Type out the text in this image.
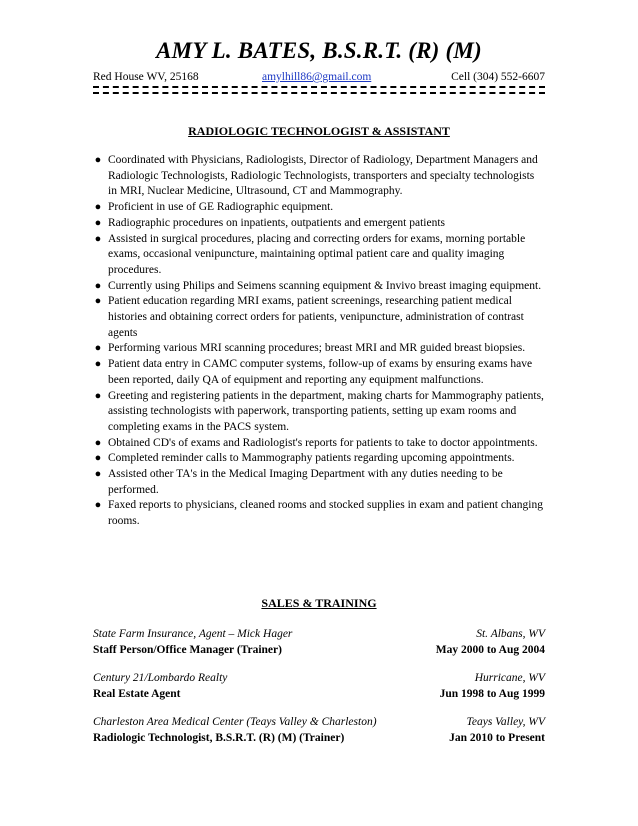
AMY L. BATES, B.S.R.T. (R) (M)
Red House WV, 25168	amylhill86@gmail.com	Cell (304) 552-6607
RADIOLOGIC TECHNOLOGIST & ASSISTANT
● Coordinated with Physicians, Radiologists, Director of Radiology, Department Managers and Radiologic Technologists, Radiologic Technologists, transporters and specialty technologists in MRI, Nuclear Medicine, Ultrasound, CT and Mammography.
● Proficient in use of GE Radiographic equipment.
● Radiographic procedures on inpatients, outpatients and emergent patients
● Assisted in surgical procedures, placing and correcting orders for exams, morning portable exams, occasional venipuncture, maintaining optimal patient care and quality imaging procedures.
● Currently using Philips and Seimens scanning equipment & Invivo breast imaging equipment.
● Patient education regarding MRI exams, patient screenings, researching patient medical histories and obtaining correct orders for patients, venipuncture, administration of contrast agents
● Performing various MRI scanning procedures; breast MRI and MR guided breast biopsies.
● Patient data entry in CAMC computer systems, follow-up of exams by ensuring exams have been reported, daily QA of equipment and reporting any equipment malfunctions.
● Greeting and registering patients in the department, making charts for Mammography patients, assisting technologists with paperwork, transporting patients, setting up exam rooms and completing exams in the PACS system.
● Obtained CD's of exams and Radiologist's reports for patients to take to doctor appointments.
● Completed reminder calls to Mammography patients regarding upcoming appointments.
● Assisted other TA's in the Medical Imaging Department with any duties needing to be performed.
● Faxed reports to physicians, cleaned rooms and stocked supplies in exam and patient changing rooms.
SALES & TRAINING
State Farm Insurance, Agent – Mick Hager	St. Albans, WV
Staff Person/Office Manager (Trainer)	May 2000 to Aug 2004
Century 21/Lombardo Realty	Hurricane, WV
Real Estate Agent	Jun 1998 to Aug 1999
Charleston Area Medical Center (Teays Valley & Charleston)	Teays Valley, WV
Radiologic Technologist, B.S.R.T. (R) (M) (Trainer)	Jan 2010 to Present
